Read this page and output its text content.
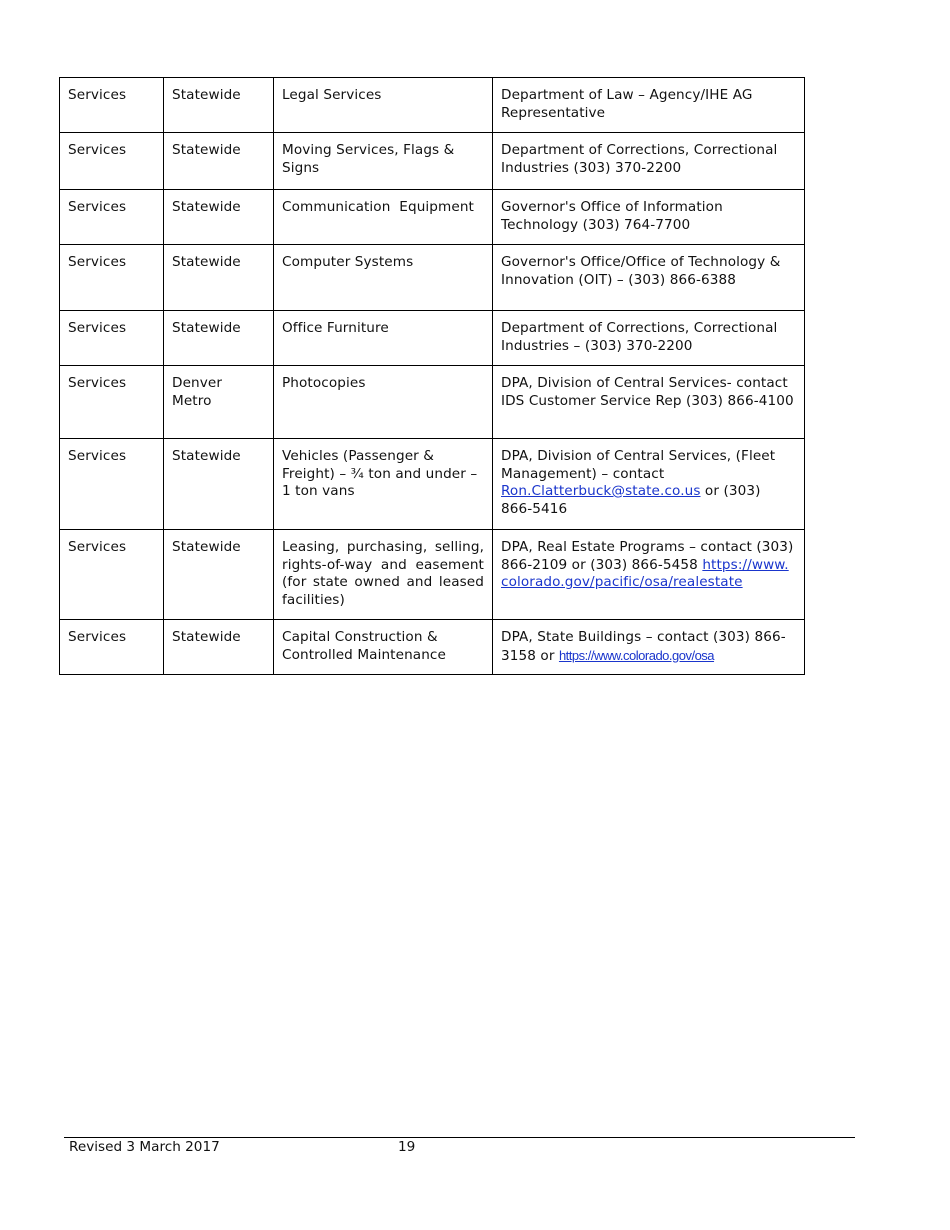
Services	Statewide	Legal Services	Department of Law – Agency/IHE AG Representative
Services	Statewide	Moving Services, Flags & Signs	Department of Corrections, Correctional Industries (303) 370-2200
Services	Statewide	Communication  Equipment	Governor's Office of Information Technology (303) 764-7700
Services	Statewide	Computer Systems	Governor's Office/Office of Technology & Innovation (OIT) – (303) 866-6388
Services	Statewide	Office Furniture	Department of Corrections, Correctional Industries – (303) 370-2200
Services	Denver Metro	Photocopies	DPA, Division of Central Services- contact IDS Customer Service Rep (303) 866-4100
Services	Statewide	Vehicles (Passenger & Freight) – ¾ ton and under – 1 ton vans	DPA, Division of Central Services, (Fleet Management) – contact Ron.Clatterbuck@state.co.us or (303) 866-5416
Services	Statewide	Leasing, purchasing, selling, rights-of-way and easement (for state owned and leased facilities)	DPA, Real Estate Programs – contact (303) 866-2109 or (303) 866-5458 https://www.colorado.gov/pacific/osa/realestate
Services	Statewide	Capital Construction & Controlled Maintenance	DPA, State Buildings – contact (303) 866-3158 or https://www.colorado.gov/osa
Revised 3 March 2017	19
